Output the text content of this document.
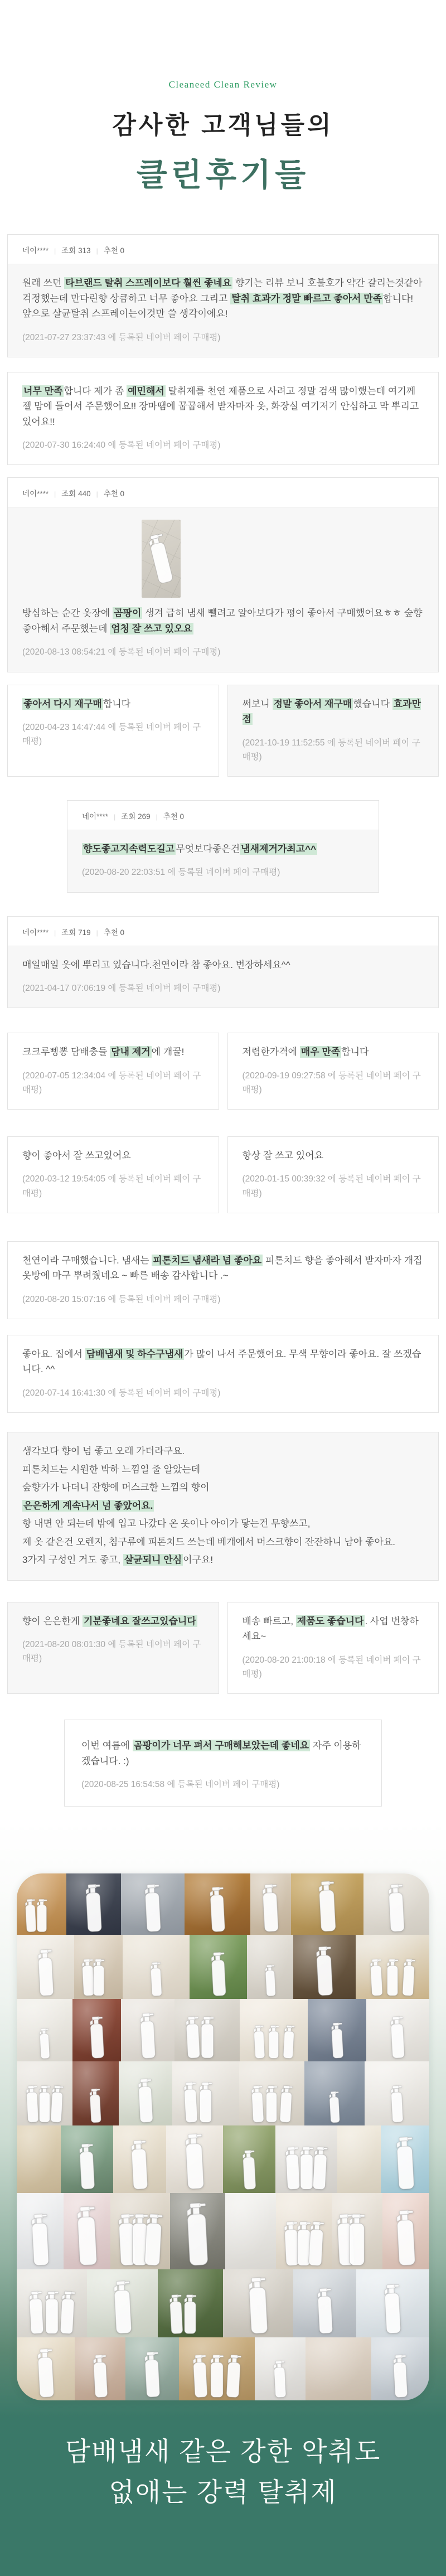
Cleaneed Clean Review
감사한 고객님들의
클린후기들
네이**** | 조회 313 | 추천 0

원래 쓰던 타브랜드 탈취 스프레이보다 훨씬 좋네요 향기는 리뷰 보니 호불호가 약간 갈리는것같아 걱정했는데 만다린향 상큼하고 너무 좋아요 그리고 탈취 효과가 정말 빠르고 좋아서 만족 합니다! 앞으로 살균탈취 스프레이는이것만 쓸 생각이에요!

(2021-07-27 23:37:43 에 등록된 네이버 페이 구매평)

너무 만족 합니다 제가 좀 예민해서 탈취제를 천연 제품으로 사려고 정말 검색 많이했는데 여기께 젤 맘에 들어서 주문했어요!! 장마땜에 꿉꿉해서 받자마자 옷, 화장실 여기저기 안심하고 막 뿌리고 있어요!!

(2020-07-30 16:24:40 에 등록된 네이버 페이 구매평)

네이**** | 조회 440 | 추천 0

방심하는 순간 옷장에 곰팡이 생겨 급히 냄새 뺄려고 알아보다가 평이 좋아서 구매했어요ㅎㅎ 숲향 좋아해서 주문했는데 엄청 잘 쓰고 있오요

(2020-08-13 08:54:21 에 등록된 네이버 페이 구매평)

좋아서 다시 재구매 합니다

(2020-04-23 14:47:44 에 등록된 네이버 페이 구매평)

써보니 정말 좋아서 재구매 했습니다 효과만점

(2021-10-19 11:52:55 에 등록된 네이버 페이 구매평)

네이**** | 조회 269 | 추천 0

향도좋고지속력도길고 무엇보다좋은건 냄새제거가최고^^

(2020-08-20 22:03:51 에 등록된 네이버 페이 구매평)

네이**** | 조회 719 | 추천 0

매일매일 옷에 뿌리고 있습니다.천연이라 참 좋아요. 번장하세요^^

(2021-04-17 07:06:19 에 등록된 네이버 페이 구매평)

크크루삥뽕 담배충들 담내 제거 에 개꿀!

(2020-07-05 12:34:04 에 등록된 네이버 페이 구매평)

저렴한가격에 매우 만족 합니다

(2020-09-19 09:27:58 에 등록된 네이버 페이 구매평)

향이 좋아서 잘 쓰고있어요

(2020-03-12 19:54:05 에 등록된 네이버 페이 구매평)

항상 잘 쓰고 있어요

(2020-01-15 00:39:32 에 등록된 네이버 페이 구매평)

천연이라 구매했습니다. 냄새는 피톤치드 냄새라 넘 좋아요 피톤치드 향을 좋아해서 받자마자 개집 옷방에 마구 뿌려줬네요 ~ 빠른 배송 감사합니다 .~

(2020-08-20 15:07:16 에 등록된 네이버 페이 구매평)

좋아요. 집에서 담배냄새 및 하수구냄새 가 많이 나서 주문했어요. 무색 무향이라 좋아요. 잘 쓰겠습니다. ^^

(2020-07-14 16:41:30 에 등록된 네이버 페이 구매평)

생각보다 향이 넘 좋고 오래 가더라구요.

피톤치드는 시원한 박하 느낌일 줄 알았는데

숲향가가 나더니 잔향에 머스크한 느낌의 향이

은은하게 계속나서 넘 좋았어요.

항 내면 안 되는데 밖에 입고 나갔다 온 옷이나 아이가 닿는건 무향쓰고,

제 옷 같은건 오렌지, 침구류에 피톤치드 쓰는데 베개에서 머스크향이 잔잔하니 남아 좋아요.

3가지 구성인 거도 좋고, 살균되니 안심 이구요!

향이 은은한게 기분좋네요 잘쓰고있습니다

(2021-08-20 08:01:30 에 등록된 네이버 페이 구매평)

배송 빠르고, 제품도 좋습니다 . 사업 번창하세요~

(2020-08-20 21:00:18 에 등록된 네이버 페이 구매평)

이번 여름에 곰팡이가 너무 펴서 구매해보았는데 좋네요 자주 이용하겠습니다. :)

(2020-08-25 16:54:58 에 등록된 네이버 페이 구매평)

담배냄새 같은 강한 악취도
없애는 강력 탈취제
